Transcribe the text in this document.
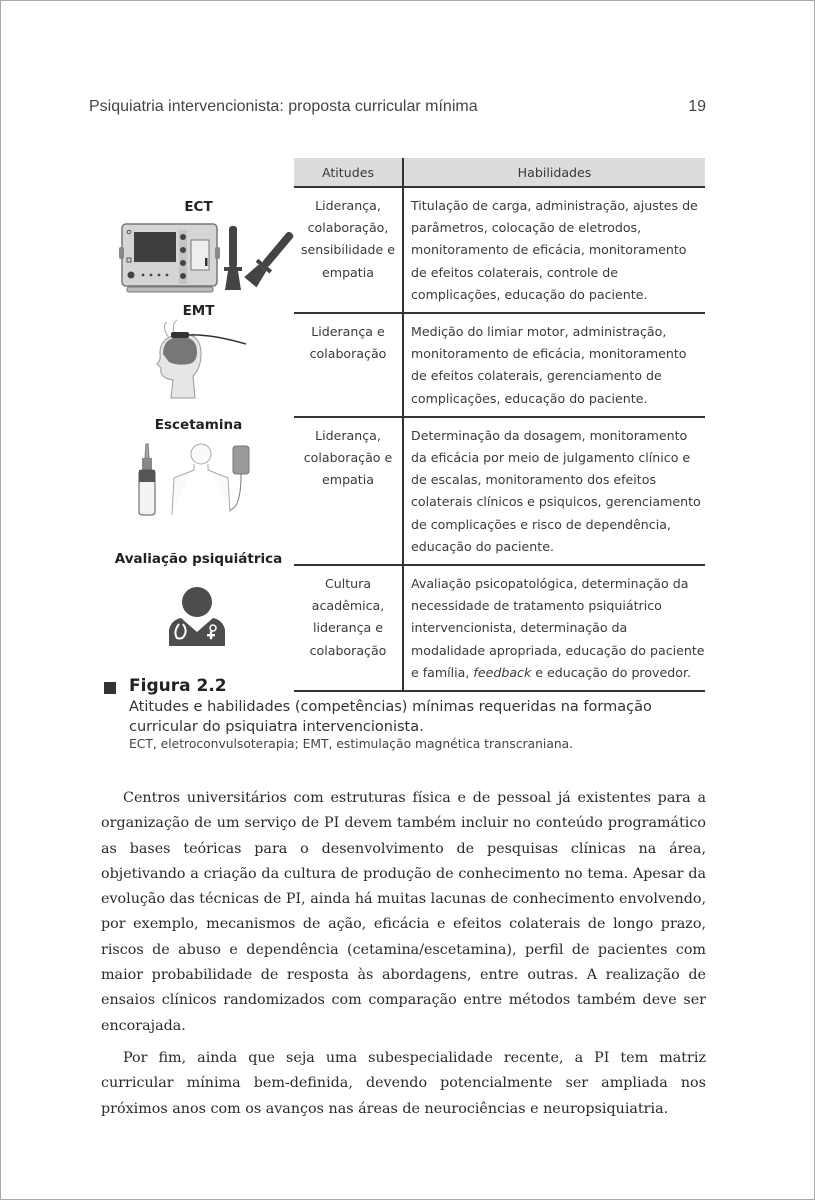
Psiquiatria intervencionista: proposta curricular mínima	19
ECT
EMT
Escetamina
Avaliação psiquiátrica
Atitudes	Habilidades
Liderança, colaboração, sensibilidade e empatia	Titulação de carga, administração, ajustes de parâmetros, colocação de eletrodos, monitoramento de eficácia, monitoramento de efeitos colaterais, controle de complicações, educação do paciente.
Liderança e colaboração	Medição do limiar motor, administração, monitoramento de eficácia, monitoramento de efeitos colaterais, gerenciamento de complicações, educação do paciente.
Liderança, colaboração e empatia	Determinação da dosagem, monitoramento da eficácia por meio de julgamento clínico e de escalas, monitoramento dos efeitos colaterais clínicos e psiquicos, gerenciamento de complicações e risco de dependência, educação do paciente.
Cultura acadêmica, liderança e colaboração	Avaliação psicopatológica, determinação da necessidade de tratamento psiquiátrico intervencionista, determinação da modalidade apropriada, educação do paciente e família, feedback e educação do provedor.
Figura 2.2
Atitudes e habilidades (competências) mínimas requeridas na formação curricular do psiquiatra intervencionista.
ECT, eletroconvulsoterapia; EMT, estimulação magnética transcraniana.

Centros universitários com estruturas física e de pessoal já existentes para a organização de um serviço de PI devem também incluir no conteúdo programático as bases teóricas para o desenvolvimento de pesquisas clínicas na área, objetivando a criação da cultura de produção de conhecimento no tema. Apesar da evolução das técnicas de PI, ainda há muitas lacunas de conhecimento envolvendo, por exemplo, mecanismos de ação, eficácia e efeitos colaterais de longo prazo, riscos de abuso e dependência (cetamina/escetamina), perfil de pacientes com maior probabilidade de resposta às abordagens, entre outras. A realização de ensaios clínicos randomizados com comparação entre métodos também deve ser encorajada.

Por fim, ainda que seja uma subespecialidade recente, a PI tem matriz curricular mínima bem-definida, devendo potencialmente ser ampliada nos próximos anos com os avanços nas áreas de neurociências e neuropsiquiatria.
